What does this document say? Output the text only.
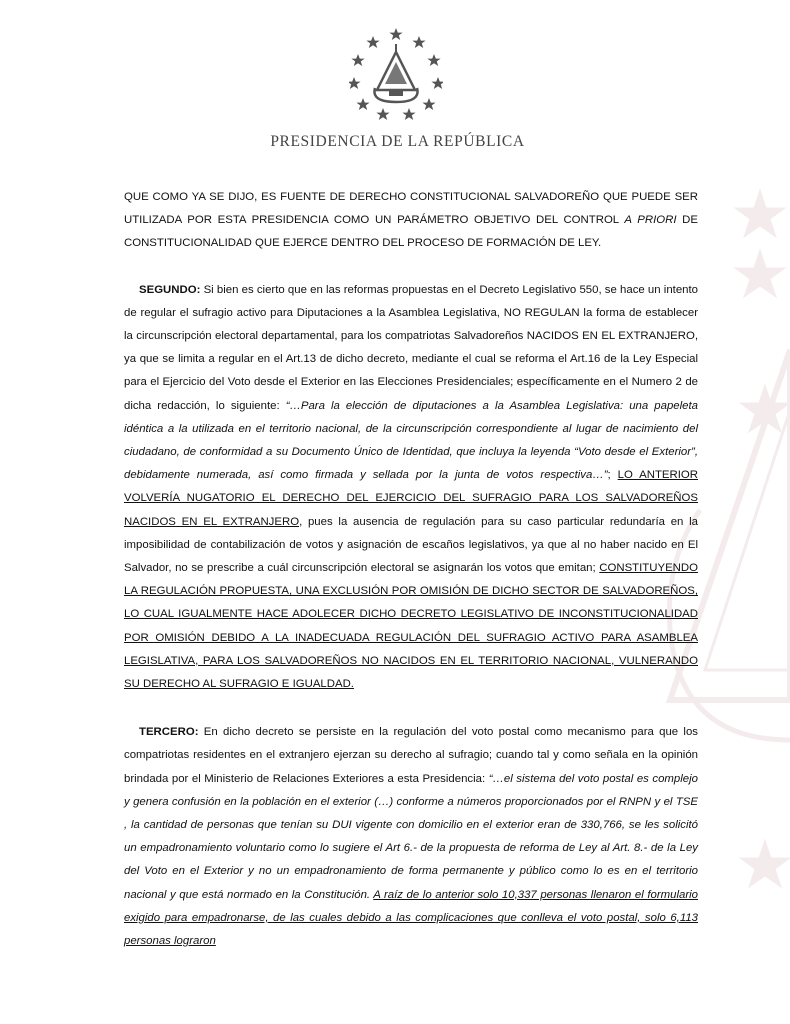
PRESIDENCIA DE LA REPÚBLICA

QUE COMO YA SE DIJO, ES FUENTE DE DERECHO CONSTITUCIONAL SALVADOREÑO QUE PUEDE SER UTILIZADA POR ESTA PRESIDENCIA COMO UN PARÁMETRO OBJETIVO DEL CONTROL A PRIORI DE CONSTITUCIONALIDAD QUE EJERCE DENTRO DEL PROCESO DE FORMACIÓN DE LEY.

SEGUNDO: Si bien es cierto que en las reformas propuestas en el Decreto Legislativo 550, se hace un intento de regular el sufragio activo para Diputaciones a la Asamblea Legislativa, NO REGULAN la forma de establecer la circunscripción electoral departamental, para los compatriotas Salvadoreños NACIDOS EN EL EXTRANJERO, ya que se limita a regular en el Art.13 de dicho decreto, mediante el cual se reforma el Art.16 de la Ley Especial para el Ejercicio del Voto desde el Exterior en las Elecciones Presidenciales; específicamente en el Numero 2 de dicha redacción, lo siguiente: “…Para la elección de diputaciones a la Asamblea Legislativa: una papeleta idéntica a la utilizada en el territorio nacional, de la circunscripción correspondiente al lugar de nacimiento del ciudadano, de conformidad a su Documento Único de Identidad, que incluya la leyenda “Voto desde el Exterior”, debidamente numerada, así como firmada y sellada por la junta de votos respectiva…”; LO ANTERIOR VOLVERÍA NUGATORIO EL DERECHO DEL EJERCICIO DEL SUFRAGIO PARA LOS SALVADOREÑOS NACIDOS EN EL EXTRANJERO, pues la ausencia de regulación para su caso particular redundaría en la imposibilidad de contabilización de votos y asignación de escaños legislativos, ya que al no haber nacido en El Salvador, no se prescribe a cuál circunscripción electoral se asignarán los votos que emitan; CONSTITUYENDO LA REGULACIÓN PROPUESTA, UNA EXCLUSIÓN POR OMISIÓN DE DICHO SECTOR DE SALVADOREÑOS, LO CUAL IGUALMENTE HACE ADOLECER DICHO DECRETO LEGISLATIVO DE INCONSTITUCIONALIDAD POR OMISIÓN DEBIDO A LA INADECUADA REGULACIÓN DEL SUFRAGIO ACTIVO PARA ASAMBLEA LEGISLATIVA, PARA LOS SALVADOREÑOS NO NACIDOS EN EL TERRITORIO NACIONAL, VULNERANDO SU DERECHO AL SUFRAGIO E IGUALDAD.

TERCERO: En dicho decreto se persiste en la regulación del voto postal como mecanismo para que los compatriotas residentes en el extranjero ejerzan su derecho al sufragio; cuando tal y como señala en la opinión brindada por el Ministerio de Relaciones Exteriores a esta Presidencia: “…el sistema del voto postal es complejo y genera confusión en la población en el exterior (…) conforme a números proporcionados por el RNPN y el TSE , la cantidad de personas que tenían su DUI vigente con domicilio en el exterior eran de 330,766, se les solicitó un empadronamiento voluntario como lo sugiere el Art 6.- de la propuesta de reforma de Ley al Art. 8.- de la Ley del Voto en el Exterior y no un empadronamiento de forma permanente y público como lo es en el territorio nacional y que está normado en la Constitución. A raíz de lo anterior solo 10,337 personas llenaron el formulario exigido para empadronarse, de las cuales debido a las complicaciones que conlleva el voto postal, solo 6,113 personas lograron
